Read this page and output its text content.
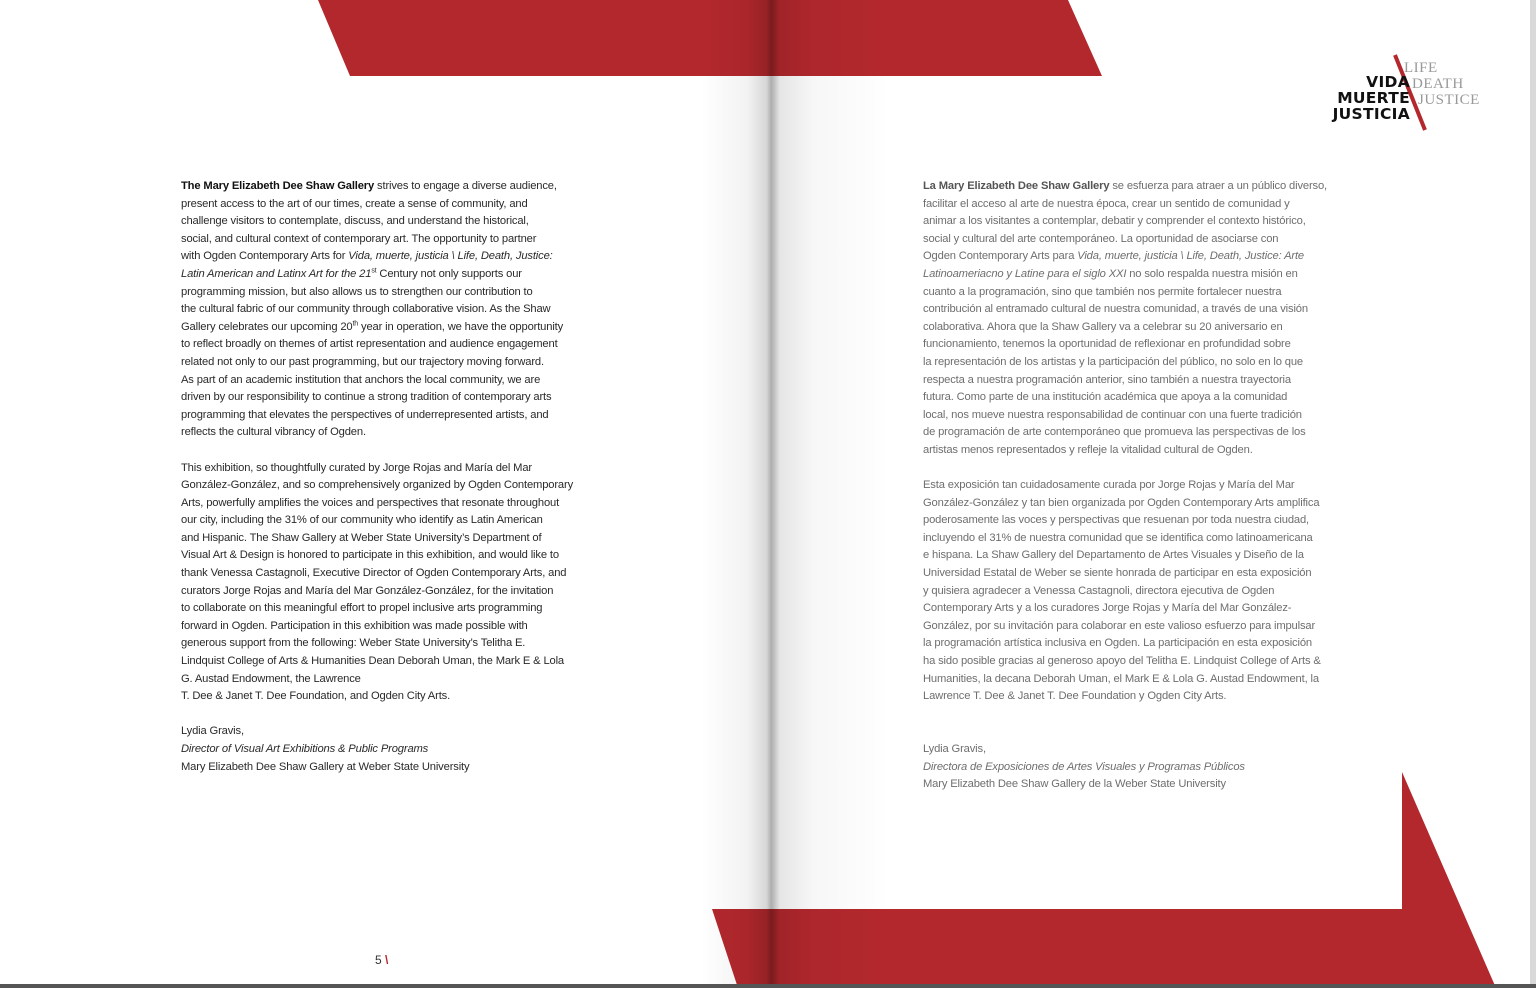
VIDA
MUERTE
JUSTICIA
LIFE
DEATH
JUSTICE

The Mary Elizabeth Dee Shaw Gallery strives to engage a diverse audience,
present access to the art of our times, create a sense of community, and
challenge visitors to contemplate, discuss, and understand the historical,
social, and cultural context of contemporary art. The opportunity to partner
with Ogden Contemporary Arts for Vida, muerte, justicia \ Life, Death, Justice:
Latin American and Latinx Art for the 21st Century not only supports our
programming mission, but also allows us to strengthen our contribution to
the cultural fabric of our community through collaborative vision. As the Shaw
Gallery celebrates our upcoming 20th year in operation, we have the opportunity
to reflect broadly on themes of artist representation and audience engagement
related not only to our past programming, but our trajectory moving forward.
As part of an academic institution that anchors the local community, we are
driven by our responsibility to continue a strong tradition of contemporary arts
programming that elevates the perspectives of underrepresented artists, and
reflects the cultural vibrancy of Ogden.

This exhibition, so thoughtfully curated by Jorge Rojas and María del Mar
González-González, and so comprehensively organized by Ogden Contemporary
Arts, powerfully amplifies the voices and perspectives that resonate throughout
our city, including the 31% of our community who identify as Latin American
and Hispanic. The Shaw Gallery at Weber State University’s Department of
Visual Art & Design is honored to participate in this exhibition, and would like to
thank Venessa Castagnoli, Executive Director of Ogden Contemporary Arts, and
curators Jorge Rojas and María del Mar González-González, for the invitation
to collaborate on this meaningful effort to propel inclusive arts programming
forward in Ogden. Participation in this exhibition was made possible with
generous support from the following: Weber State University’s Telitha E.
Lindquist College of Arts & Humanities Dean Deborah Uman, the Mark E & Lola
G. Austad Endowment, the Lawrence
T. Dee & Janet T. Dee Foundation, and Ogden City Arts.

Lydia Gravis,
Director of Visual Art Exhibitions & Public Programs
Mary Elizabeth Dee Shaw Gallery at Weber State University

5 \

La Mary Elizabeth Dee Shaw Gallery se esfuerza para atraer a un público diverso,
facilitar el acceso al arte de nuestra época, crear un sentido de comunidad y
animar a los visitantes a contemplar, debatir y comprender el contexto histórico,
social y cultural del arte contemporáneo. La oportunidad de asociarse con
Ogden Contemporary Arts para Vida, muerte, justicia \ Life, Death, Justice: Arte
Latinoameriacno y Latine para el siglo XXI no solo respalda nuestra misión en
cuanto a la programación, sino que también nos permite fortalecer nuestra
contribución al entramado cultural de nuestra comunidad, a través de una visión
colaborativa. Ahora que la Shaw Gallery va a celebrar su 20 aniversario en
funcionamiento, tenemos la oportunidad de reflexionar en profundidad sobre
la representación de los artistas y la participación del público, no solo en lo que
respecta a nuestra programación anterior, sino también a nuestra trayectoria
futura. Como parte de una institución académica que apoya a la comunidad
local, nos mueve nuestra responsabilidad de continuar con una fuerte tradición
de programación de arte contemporáneo que promueva las perspectivas de los
artistas menos representados y refleje la vitalidad cultural de Ogden.

Esta exposición tan cuidadosamente curada por Jorge Rojas y María del Mar
González-González y tan bien organizada por Ogden Contemporary Arts amplifica
poderosamente las voces y perspectivas que resuenan por toda nuestra ciudad,
incluyendo el 31% de nuestra comunidad que se identifica como latinoamericana
e hispana. La Shaw Gallery del Departamento de Artes Visuales y Diseño de la
Universidad Estatal de Weber se siente honrada de participar en esta exposición
y quisiera agradecer a Venessa Castagnoli, directora ejecutiva de Ogden
Contemporary Arts y a los curadores Jorge Rojas y María del Mar González-
González, por su invitación para colaborar en este valioso esfuerzo para impulsar
la programación artística inclusiva en Ogden. La participación en esta exposición
ha sido posible gracias al generoso apoyo del Telitha E. Lindquist College of Arts &
Humanities, la decana Deborah Uman, el Mark E & Lola G. Austad Endowment, la
Lawrence T. Dee & Janet T. Dee Foundation y Ogden City Arts.

Lydia Gravis,
Directora de Exposiciones de Artes Visuales y Programas Públicos
Mary Elizabeth Dee Shaw Gallery de la Weber State University
